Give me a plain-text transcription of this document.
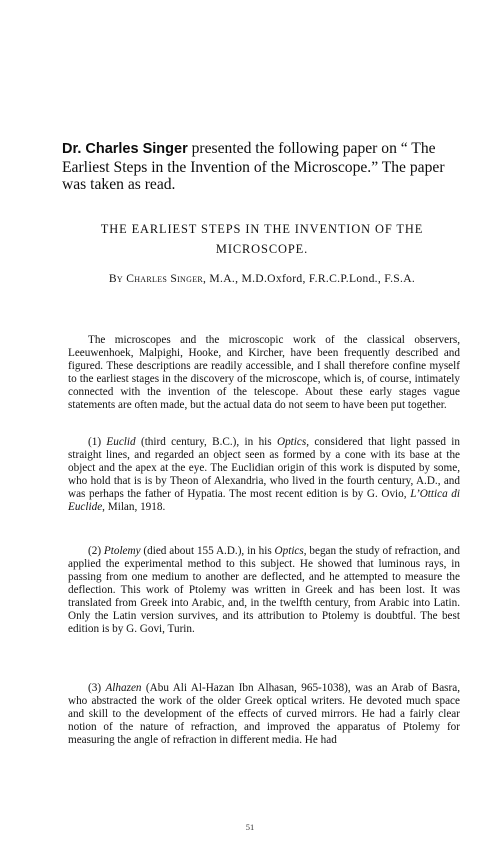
Dr. Charles Singer presented the following paper on “ The Earliest Steps in the Invention of the Microscope.” The paper was taken as read.
THE EARLIEST STEPS IN THE INVENTION OF THE MICROSCOPE.
By Charles Singer, M.A., M.D.Oxford, F.R.C.P.Lond., F.S.A.
The microscopes and the microscopic work of the classical observers, Leeuwenhoek, Malpighi, Hooke, and Kircher, have been frequently described and figured. These descriptions are readily accessible, and I shall therefore confine myself to the earliest stages in the discovery of the microscope, which is, of course, intimately connected with the invention of the telescope. About these early stages vague statements are often made, but the actual data do not seem to have been put together.
(1) Euclid (third century, B.C.), in his Optics, considered that light passed in straight lines, and regarded an object seen as formed by a cone with its base at the object and the apex at the eye. The Euclidian origin of this work is disputed by some, who hold that is is by Theon of Alexandria, who lived in the fourth century, A.D., and was perhaps the father of Hypatia. The most recent edition is by G. Ovio, L’Ottica di Euclide, Milan, 1918.
(2) Ptolemy (died about 155 A.D.), in his Optics, began the study of refraction, and applied the experimental method to this subject. He showed that luminous rays, in passing from one medium to another are deflected, and he attempted to measure the deflection. This work of Ptolemy was written in Greek and has been lost. It was translated from Greek into Arabic, and, in the twelfth century, from Arabic into Latin. Only the Latin version survives, and its attribution to Ptolemy is doubtful. The best edition is by G. Govi, Turin.
(3) Alhazen (Abu Ali Al-Hazan Ibn Alhasan, 965-1038), was an Arab of Basra, who abstracted the work of the older Greek optical writers. He devoted much space and skill to the development of the effects of curved mirrors. He had a fairly clear notion of the nature of refraction, and improved the apparatus of Ptolemy for measuring the angle of refraction in different media. He had
51
